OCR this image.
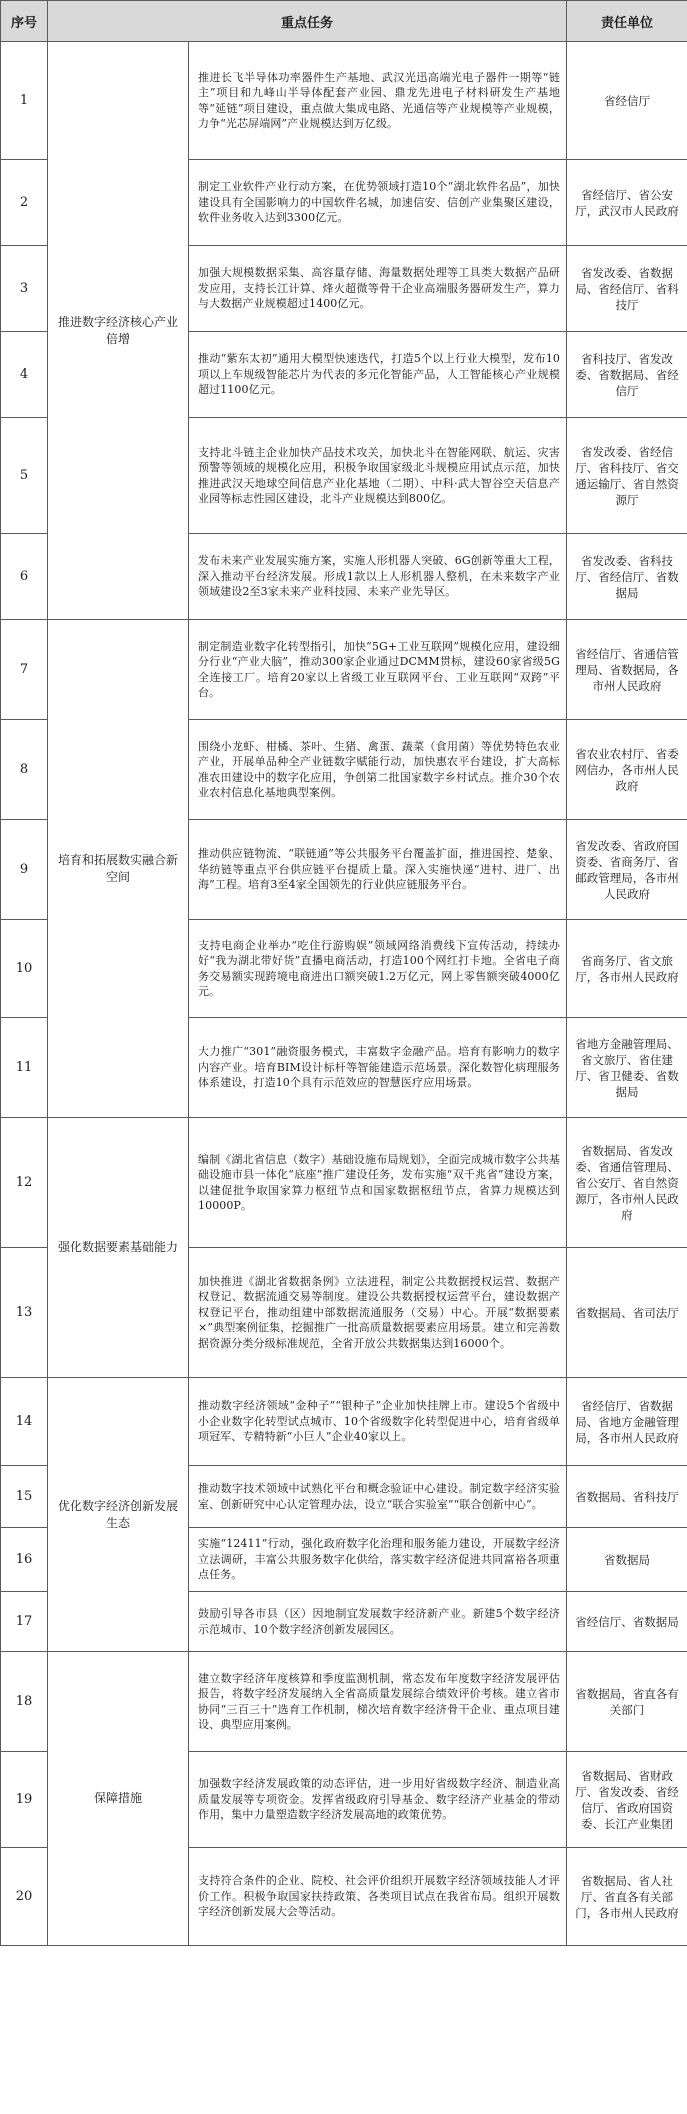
序号	重点任务		责任单位
1	推进数字经济核心产业倍增	推进长飞半导体功率器件生产基地、武汉光迅高端光电子器件一期等“链主”项目和九峰山半导体配套产业园、鼎龙先进电子材料研发生产基地等“延链”项目建设，重点做大集成电路、光通信等产业规模等产业规模，力争“光芯屏端网”产业规模达到万亿级。	省经信厅
2		制定工业软件产业行动方案，在优势领域打造10个“湖北软件名品”，加快建设具有全国影响力的中国软件名城，加速信安、信创产业集聚区建设，软件业务收入达到3300亿元。	省经信厅、省公安厅，武汉市人民政府
3		加强大规模数据采集、高容量存储、海量数据处理等工具类大数据产品研发应用，支持长江计算、烽火超微等骨干企业高端服务器研发生产，算力与大数据产业规模超过1400亿元。	省发改委、省数据局、省经信厅、省科技厅
4		推动“紫东太初”通用大模型快速迭代，打造5个以上行业大模型，发布10项以上车规级智能芯片为代表的多元化智能产品，人工智能核心产业规模超过1100亿元。	省科技厅、省发改委、省数据局、省经信厅
5		支持北斗链主企业加快产品技术攻关，加快北斗在智能网联、航运、灾害预警等领域的规模化应用，积极争取国家级北斗规模应用试点示范，加快推进武汉天地球空间信息产业化基地（二期）、中科·武大智谷空天信息产业园等标志性园区建设，北斗产业规模达到800亿。	省发改委、省经信厅、省科技厅、省交通运输厅、省自然资源厅
6		发布未来产业发展实施方案，实施人形机器人突破、6G创新等重大工程，深入推动平台经济发展。形成1款以上人形机器人整机，在未来数字产业领域建设2至3家未来产业科技园、未来产业先导区。	省发改委、省科技厅、省经信厅、省数据局
7	培育和拓展数实融合新空间	制定制造业数字化转型指引，加快“5G+工业互联网”规模化应用，建设细分行业“产业大脑”，推动300家企业通过DCMM贯标，建设60家省级5G全连接工厂。培育20家以上省级工业互联网平台、工业互联网“双跨”平台。	省经信厅、省通信管理局、省数据局，各市州人民政府
8		围绕小龙虾、柑橘、茶叶、生猪、禽蛋、蔬菜（食用菌）等优势特色农业产业，开展单品种全产业链数字赋能行动，加快惠农平台建设，扩大高标准农田建设中的数字化应用，争创第二批国家数字乡村试点。推介30个农业农村信息化基地典型案例。	省农业农村厅、省委网信办，各市州人民政府
9		推动供应链物流、“联链通”等公共服务平台覆盖扩面，推进国控、楚象、华纺链等重点平台供应链平台提质上量。深入实施快递“进村、进厂、出海”工程。培育3至4家全国领先的行业供应链服务平台。	省发改委、省政府国资委、省商务厅、省邮政管理局，各市州人民政府
10		支持电商企业举办“吃住行游购娱”领域网络消费线下宣传活动，持续办好“我为湖北带好货”直播电商活动，打造100个网红打卡地。全省电子商务交易额实现跨境电商进出口额突破1.2万亿元，网上零售额突破4000亿元。	省商务厅、省文旅厅，各市州人民政府
11		大力推广“301”融资服务模式，丰富数字金融产品。培育有影响力的数字内容产业。培育BIM设计标杆等智能建造示范场景。深化数智化病理服务体系建设，打造10个具有示范效应的智慧医疗应用场景。	省地方金融管理局、省文旅厅、省住建厅、省卫健委、省数据局
12	强化数据要素基础能力	编制《湖北省信息（数字）基础设施布局规划》，全面完成城市数字公共基础设施市县一体化“底座”推广建设任务，发布实施“双千兆省”建设方案，以建促批争取国家算力枢纽节点和国家数据枢纽节点，省算力规模达到10000P。	省数据局、省发改委、省通信管理局、省公安厅、省自然资源厅，各市州人民政府
13		加快推进《湖北省数据条例》立法进程，制定公共数据授权运营、数据产权登记、数据流通交易等制度。建设公共数据授权运营平台，建设数据产权登记平台，推动组建中部数据流通服务（交易）中心。开展“数据要素×”典型案例征集，挖掘推广一批高质量数据要素应用场景。建立和完善数据资源分类分级标准规范，全省开放公共数据集达到16000个。	省数据局、省司法厅
14	优化数字经济创新发展生态	推动数字经济领域“金种子”“银种子”企业加快挂牌上市。建设5个省级中小企业数字化转型试点城市、10个省级数字化转型促进中心，培育省级单项冠军、专精特新“小巨人”企业40家以上。	省经信厅、省数据局、省地方金融管理局，各市州人民政府
15		推动数字技术领域中试熟化平台和概念验证中心建设。制定数字经济实验室、创新研究中心认定管理办法，设立“联合实验室”“联合创新中心”。	省数据局、省科技厅
16		实施“12411”行动，强化政府数字化治理和服务能力建设，开展数字经济立法调研，丰富公共服务数字化供给，落实数字经济促进共同富裕各项重点任务。	省数据局
17		鼓励引导各市县（区）因地制宜发展数字经济新产业。新建5个数字经济示范城市、10个数字经济创新发展园区。	省经信厅、省数据局
18	保障措施	建立数字经济年度核算和季度监测机制，常态发布年度数字经济发展评估报告，将数字经济发展纳入全省高质量发展综合绩效评价考核。建立省市协同“三百三十”选育工作机制，梯次培育数字经济骨干企业、重点项目建设、典型应用案例。	省数据局，省直各有关部门
19		加强数字经济发展政策的动态评估，进一步用好省级数字经济、制造业高质量发展等专项资金。发挥省级政府引导基金、数字经济产业基金的带动作用，集中力量塑造数字经济发展高地的政策优势。	省数据局、省财政厅、省发改委、省经信厅、省政府国资委、长江产业集团
20		支持符合条件的企业、院校、社会评价组织开展数字经济领域技能人才评价工作。积极争取国家扶持政策、各类项目试点在我省布局。组织开展数字经济创新发展大会等活动。	省数据局、省人社厅、省直各有关部门，各市州人民政府
